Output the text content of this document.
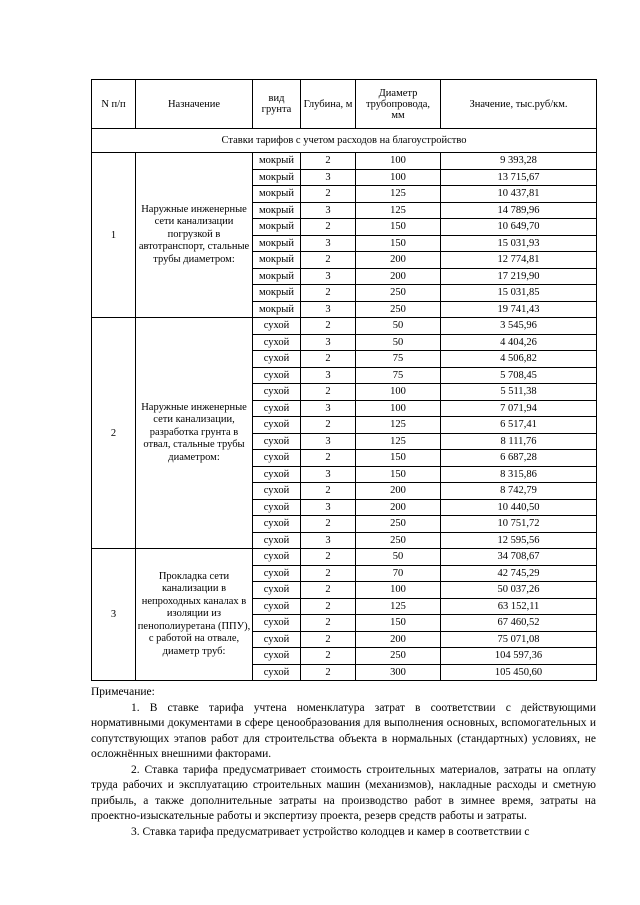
N п/п	Назначение	вид грунта	Глубина, м	Диаметр трубопровода, мм	Значение, тыс.руб/км.
Ставки тарифов с учетом расходов на благоустройство					
1	Наружные инженерные сети канализации погрузкой в автотранспорт, стальные трубы диаметром:	мокрый	2	100	9 393,28
		мокрый	3	100	13 715,67
		мокрый	2	125	10 437,81
		мокрый	3	125	14 789,96
		мокрый	2	150	10 649,70
		мокрый	3	150	15 031,93
		мокрый	2	200	12 774,81
		мокрый	3	200	17 219,90
		мокрый	2	250	15 031,85
		мокрый	3	250	19 741,43
2	Наружные инженерные сети канализации, разработка грунта в отвал, стальные трубы диаметром:	сухой	2	50	3 545,96
		сухой	3	50	4 404,26
		сухой	2	75	4 506,82
		сухой	3	75	5 708,45
		сухой	2	100	5 511,38
		сухой	3	100	7 071,94
		сухой	2	125	6 517,41
		сухой	3	125	8 111,76
		сухой	2	150	6 687,28
		сухой	3	150	8 315,86
		сухой	2	200	8 742,79
		сухой	3	200	10 440,50
		сухой	2	250	10 751,72
		сухой	3	250	12 595,56
3	Прокладка сети канализации в непроходных каналах в изоляции из пенополиуретана (ППУ), с работой на отвале, диаметр труб:	сухой	2	50	34 708,67
		сухой	2	70	42 745,29
		сухой	2	100	50 037,26
		сухой	2	125	63 152,11
		сухой	2	150	67 460,52
		сухой	2	200	75 071,08
		сухой	2	250	104 597,36
		сухой	2	300	105 450,60

Примечание:

1. В ставке тарифа учтена номенклатура затрат в соответствии с действующими нормативными документами в сфере ценообразования для выполнения основных, вспомогательных и сопутствующих этапов работ для строительства объекта в нормальных (стандартных) условиях, не осложнённых внешними факторами.

2. Ставка тарифа предусматривает стоимость строительных материалов, затраты на оплату труда рабочих и эксплуатацию строительных машин (механизмов), накладные расходы и сметную прибыль, а также дополнительные затраты на производство работ в зимнее время, затраты на проектно-изыскательные работы и экспертизу проекта, резерв средств работы и затраты.

3. Ставка тарифа предусматривает устройство колодцев и камер в соответствии с
